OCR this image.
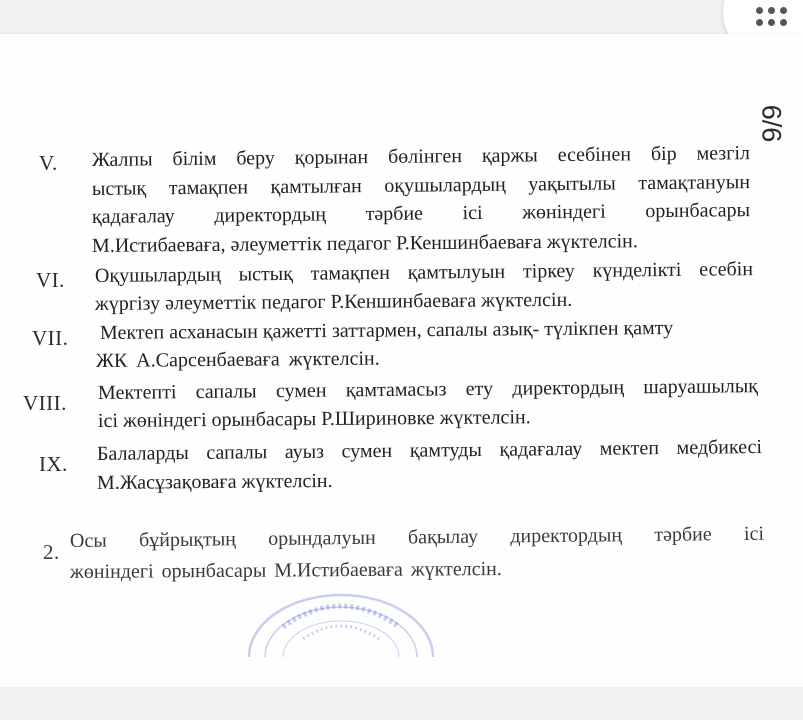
6/6
V. Жалпы білім беру қорынан бөлінген қаржы есебінен бір мезгіл
ыстық тамақпен қамтылған оқушылардың уақытылы тамақтануын
қадағалау директордың тәрбие ісі жөніндегі орынбасары
М.Истибаеваға, әлеуметтік педагог Р.Кеншинбаеваға жүктелсін.
VI. Оқушылардың ыстық тамақпен қамтылуын тіркеу күнделікті есебін
жүргізу әлеуметтік педагог Р.Кеншинбаеваға жүктелсін.
VII. Мектеп асханасын қажетті заттармен, сапалы азық- түлікпен қамту
ЖК А.Сарсенбаеваға жүктелсін.
VIII. Мектепті сапалы сумен қамтамасыз ету директордың шаруашылық
ісі жөніндегі орынбасары Р.Шириновке жүктелсін.
IX. Балаларды сапалы ауыз сумен қамтуды қадағалау мектеп медбикесі
М.Жасұзақоваға жүктелсін.
2.
Осы бұйрықтың орындалуын бақылау директордың тәрбие ісі
жөніндегі орынбасары М.Истибаеваға жүктелсін.
